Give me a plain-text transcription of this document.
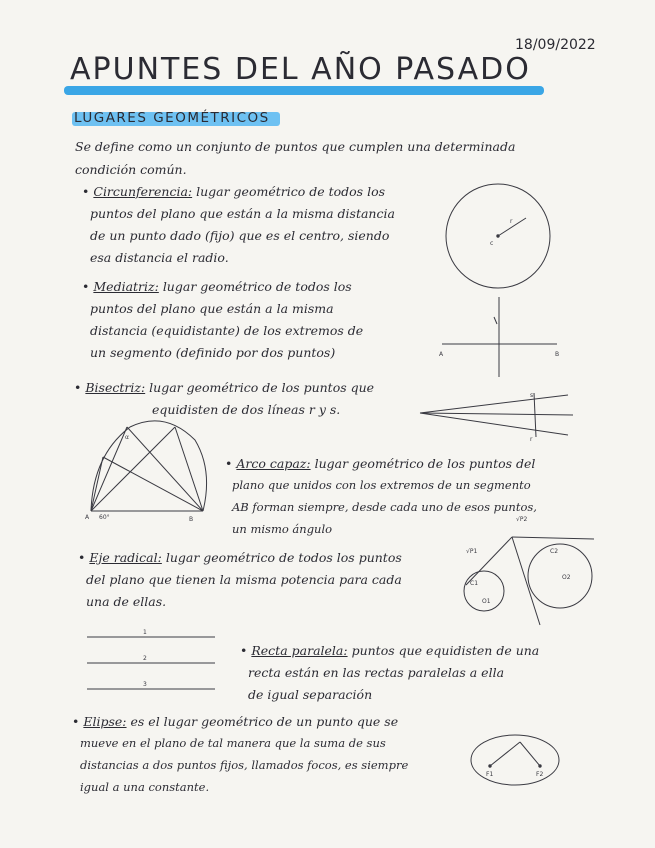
18/09/2022
APUNTES DEL AÑO PASADO
LUGARES GEOMÉTRICOS
Se define como un conjunto de puntos que cumplen una determinada
condición común.
• Circunferencia: lugar geométrico de todos los
puntos del plano que están a la misma distancia
de un punto dado (fijo) que es el centro, siendo
esa distancia el radio.
r
c
• Mediatriz: lugar geométrico de todos los
puntos del plano que están a la misma
distancia (equidistante) de los extremos de
un segmento (definido por dos puntos)	A	B
• Bisectriz: lugar geométrico de los puntos que
equidisten de dos líneas r y s.
s
r
A	B
60°
α
• Arco capaz: lugar geométrico de los puntos del
plano que unidos con los extremos de un segmento
AB forman siempre, desde cada uno de esos puntos,
un mismo ángulo
• Eje radical: lugar geométrico de todos los puntos
del plano que tienen la misma potencia para cada
una de ellas.
√P1
√P2
O2
O1
C1
C2
1
2
3
• Recta paralela: puntos que equidisten de una
recta están en las rectas paralelas a ella
de igual separación
• Elipse: es el lugar geométrico de un punto que se
mueve en el plano de tal manera que la suma de sus
distancias a dos puntos fijos, llamados focos, es siempre
igual a una constante.
F1	F2
